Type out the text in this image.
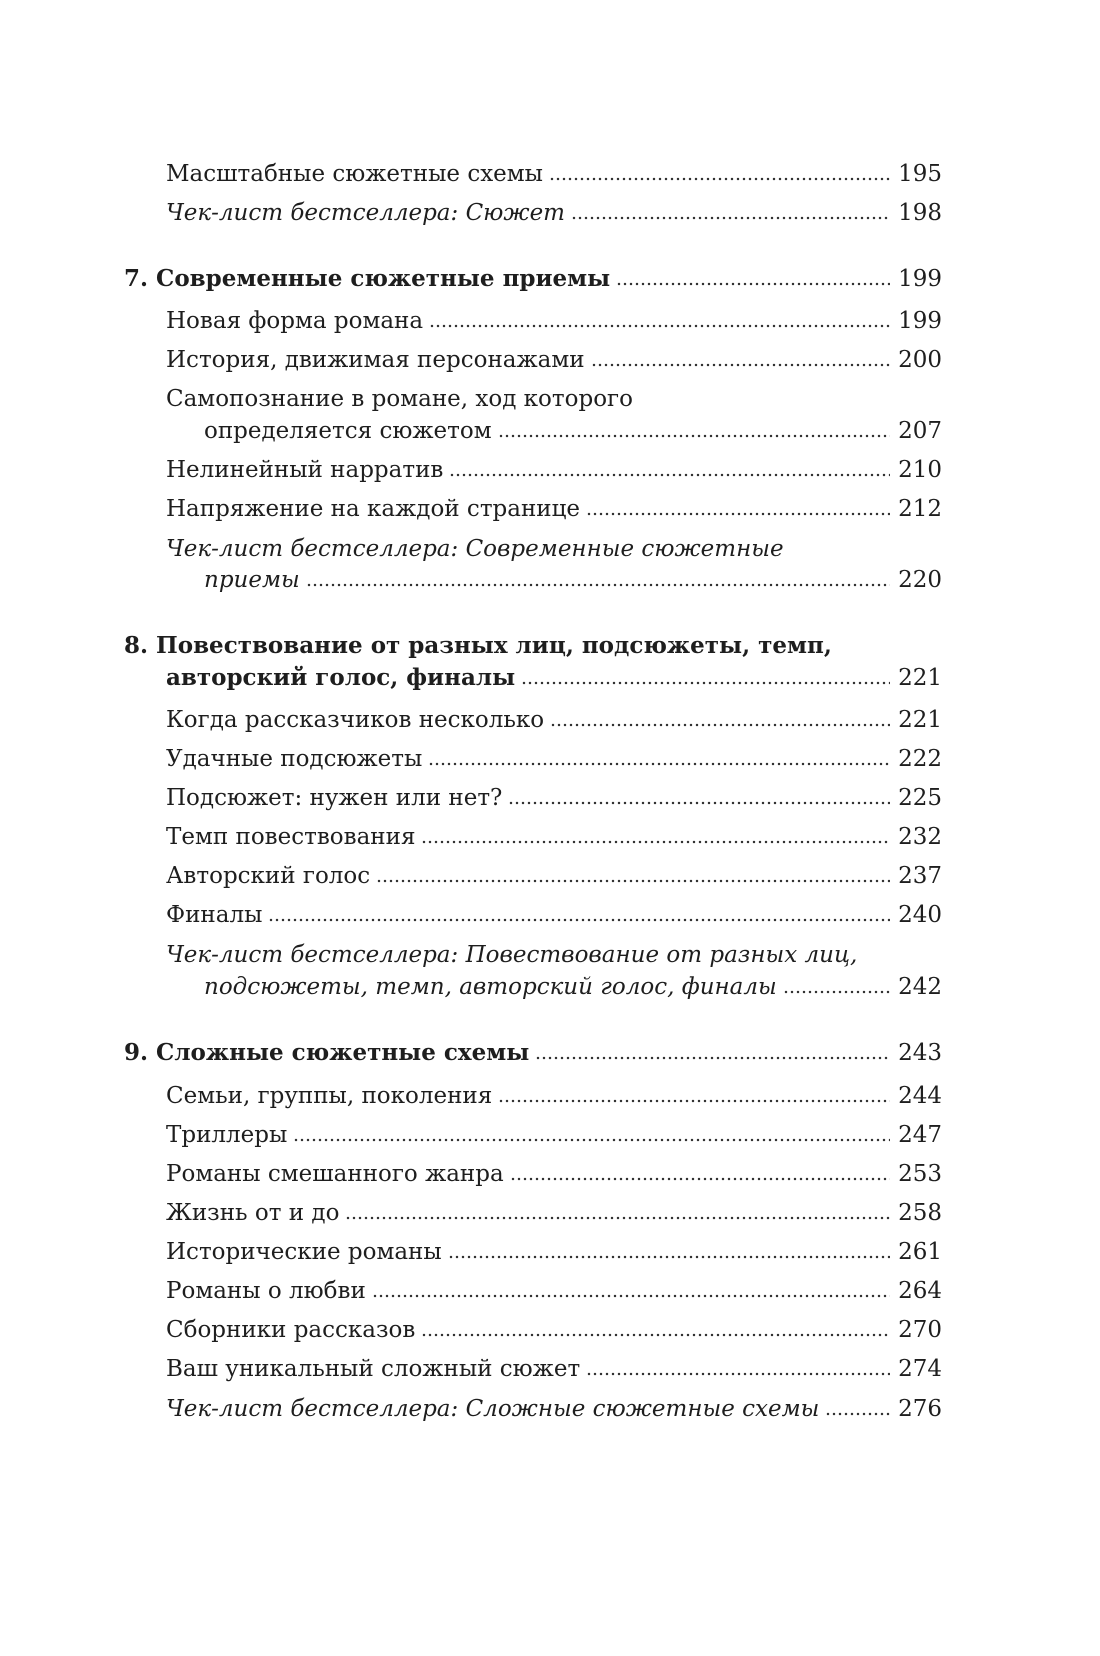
Масштабные сюжетные схемы	195
Чек-лист бестселлера: Сюжет	198
7. Современные сюжетные приемы	199
Новая форма романа	199
История, движимая персонажами	200
Самопознание в романе, ход которого
определяется сюжетом	207
Нелинейный нарратив	210
Напряжение на каждой странице	212
Чек-лист бестселлера: Современные сюжетные
приемы	220
8. Повествование от разных лиц, подсюжеты, темп,
авторский голос, финалы	221
Когда рассказчиков несколько	221
Удачные подсюжеты	222
Подсюжет: нужен или нет?	225
Темп повествования	232
Авторский голос	237
Финалы	240
Чек-лист бестселлера: Повествование от разных лиц,
подсюжеты, темп, авторский голос, финалы	242
9. Сложные сюжетные схемы	243
Семьи, группы, поколения	244
Триллеры	247
Романы смешанного жанра	253
Жизнь от и до	258
Исторические романы	261
Романы о любви	264
Сборники рассказов	270
Ваш уникальный сложный сюжет	274
Чек-лист бестселлера: Сложные сюжетные схемы	276
